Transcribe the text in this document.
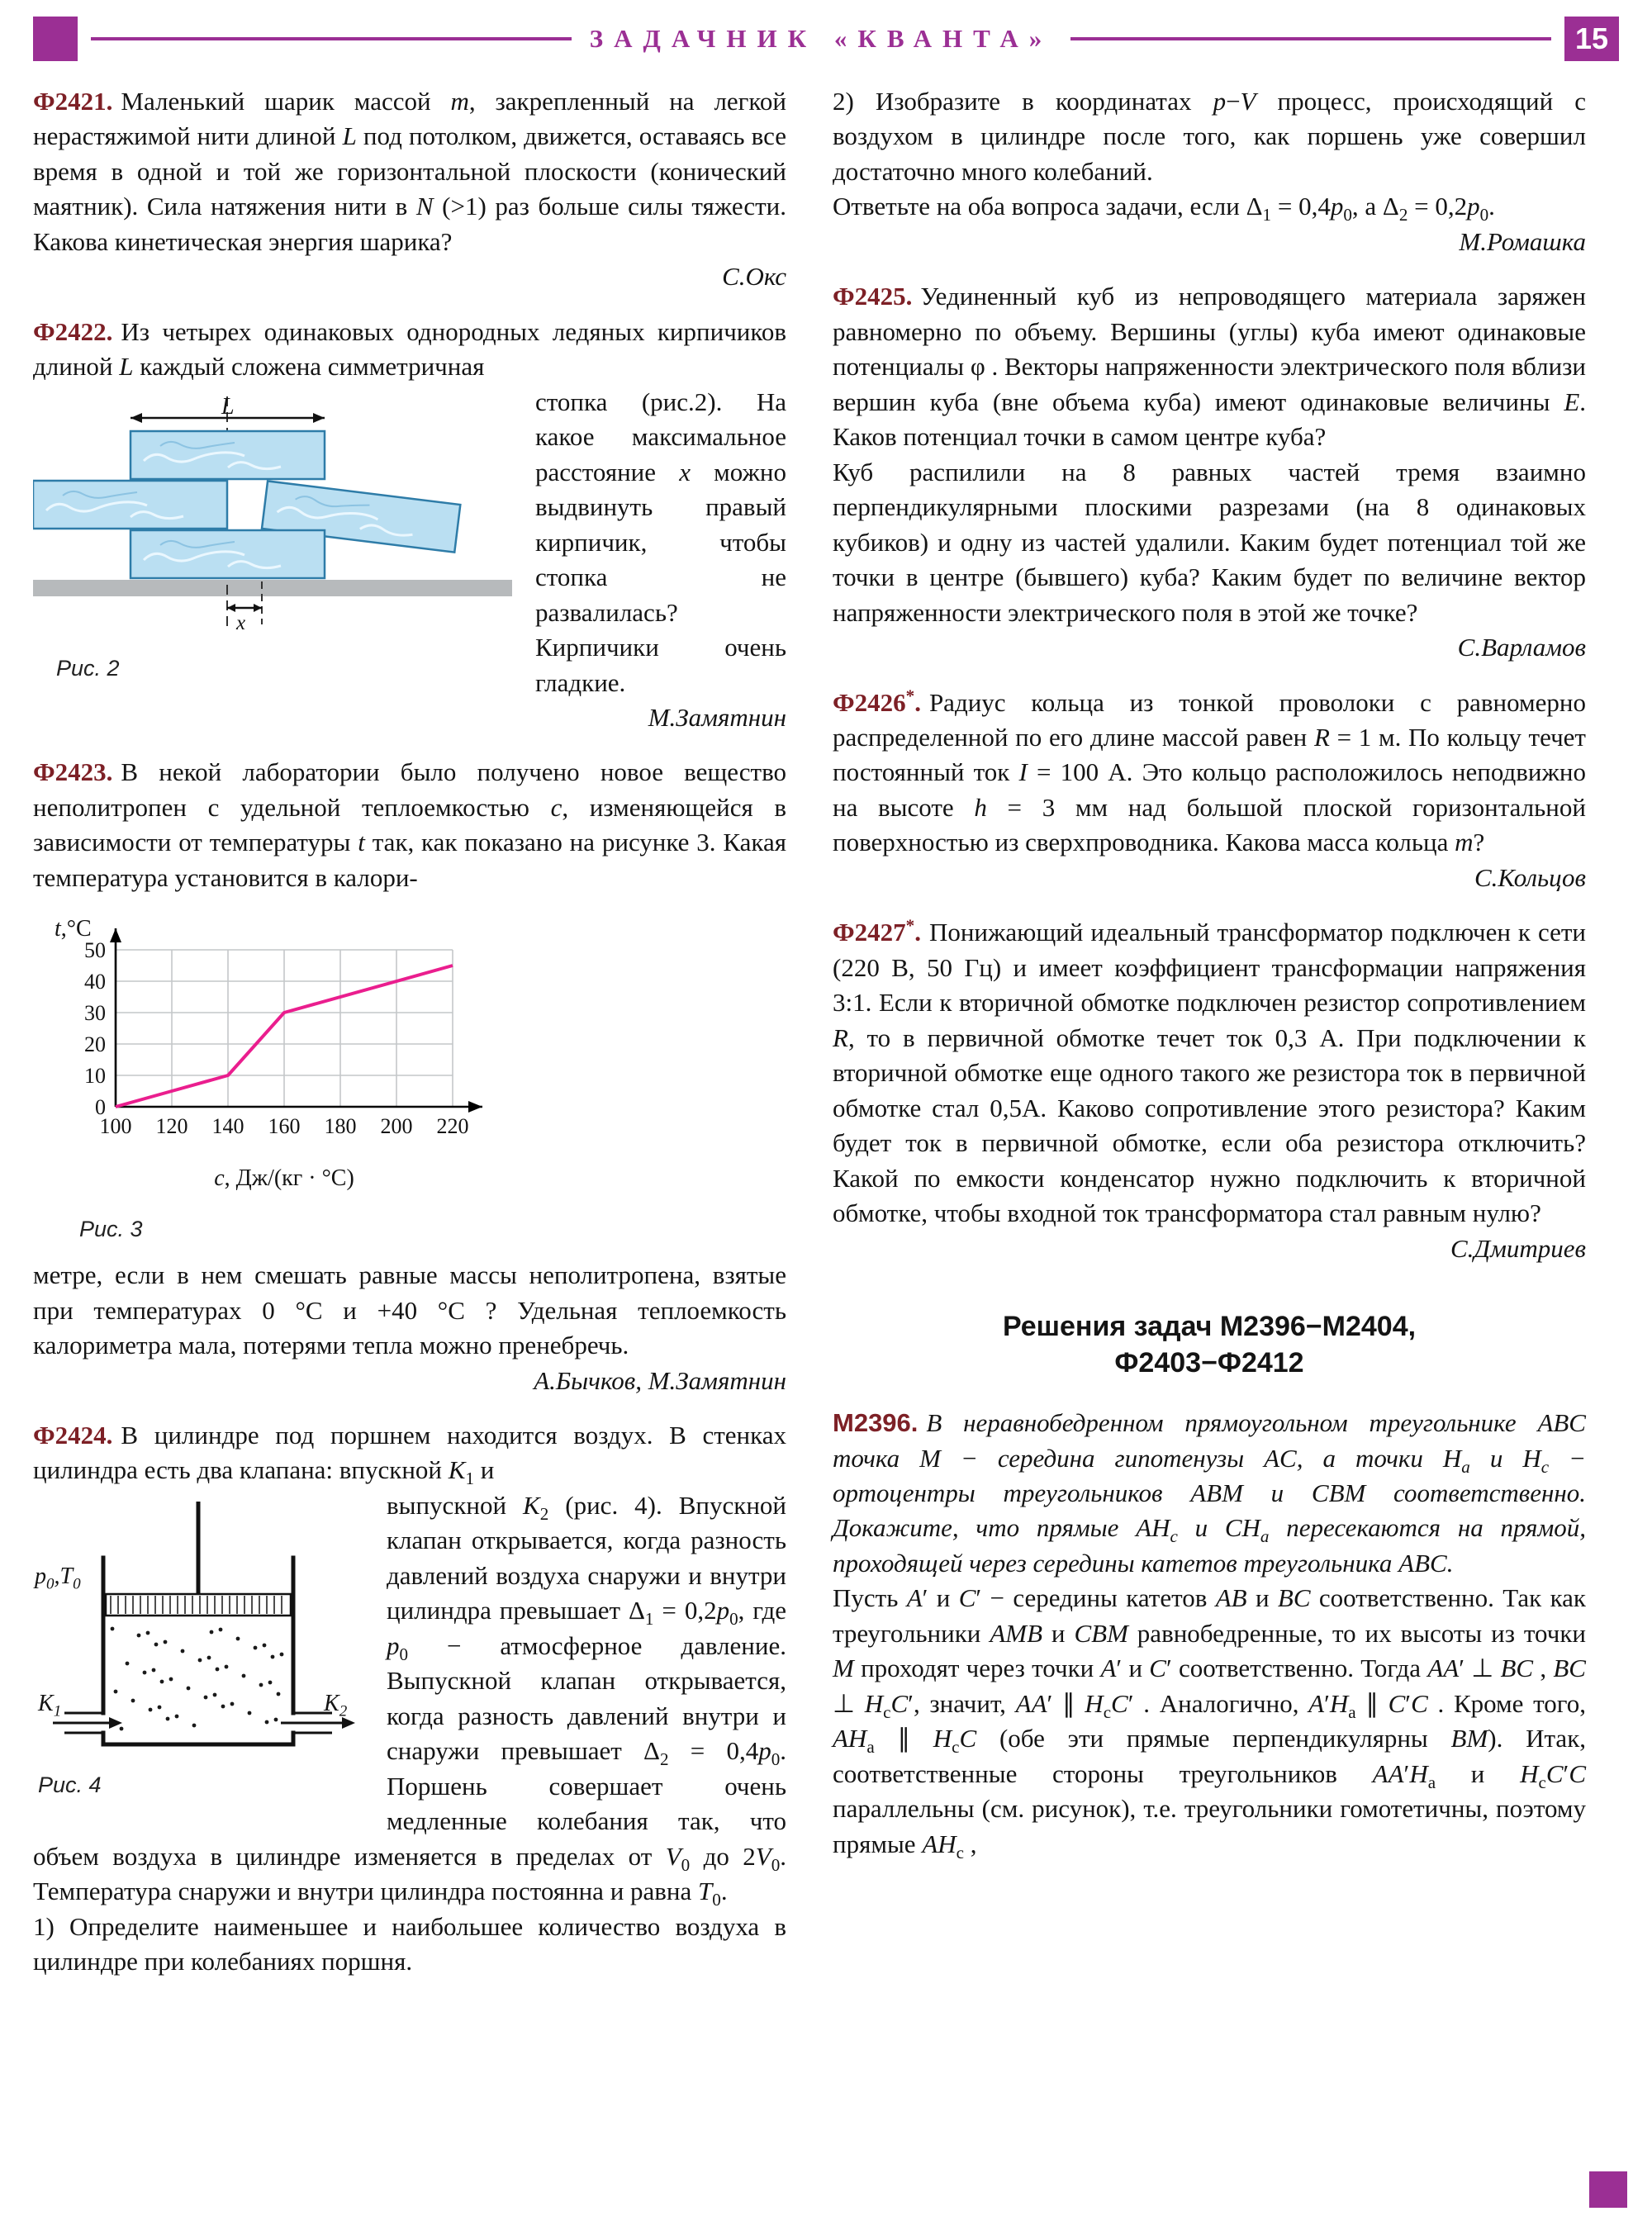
ЗАДАЧНИК «КВАНТА»	15

Ф2421. Маленький шарик массой m, закрепленный на легкой нерастяжимой нити длиной L под потолком, движется, оставаясь все время в одной и той же горизонтальной плоскости (конический маятник). Сила натяжения нити в N (>1) раз больше силы тяжести. Какова кинетическая энергия шарика?

С.Окс

Ф2422. Из четырех одинаковых однородных ледяных кирпичиков длиной L каждый сложена симметричная

L
x
Рис. 2

стопка (рис.2). На какое максимальное расстояние x можно выдвинуть правый кирпичик, чтобы стопка не развалилась? Кирпичики очень гладкие.

М.Замятнин

Ф2423. В некой лаборатории было получено новое вещество неполитропен с удельной теплоемкостью c, изменяющейся в зависимости от температуры t так, как показано на рисунке 3. Какая температура установится в калори-

100 120 140 160 180 200 220
0
10
20
30
40
50
t,°C
c, Дж/(кг · °С)
Рис. 3

метре, если в нем смешать равные массы неполитропена, взятые при температурах 0 °С и +40 °С ? Удельная теплоемкость калориметра мала, потерями тепла можно пренебречь.

А.Бычков, М.Замятнин

Ф2424. В цилиндре под поршнем находится воздух. В стенках цилиндра есть два клапана: впускной $K_1$ и

$p_0,T_0$
$K_1$	$K_2$
Рис. 4

выпускной $K_2$ (рис. 4). Впускной клапан открывается, когда разность давлений воздуха снаружи и внутри цилиндра превышает $\Delta_1 = 0,2p_0$, где $p_0$ − атмосферное давление. Выпускной клапан открывается, когда разность давлений внутри и снаружи превышает $\Delta_2 = 0,4p_0$. Поршень совершает очень медленные колебания так, что объем воздуха в цилиндре изменяется в пределах от $V_0$ до $2V_0$. Температура снаружи и внутри цилиндра постоянна и равна $T_0$.

1) Определите наименьшее и наибольшее количество воздуха в цилиндре при колебаниях поршня.

2) Изобразите в координатах p−V процесс, происходящий с воздухом в цилиндре после того, как поршень уже совершил достаточно много колебаний.

Ответьте на оба вопроса задачи, если $\Delta_1 = 0,4p_0$, а $\Delta_2 = 0,2p_0$.

М.Ромашка

Ф2425. Уединенный куб из непроводящего материала заряжен равномерно по объему. Вершины (углы) куба имеют одинаковые потенциалы φ . Векторы напряженности электрического поля вблизи вершин куба (вне объема куба) имеют одинаковые величины E. Каков потенциал точки в самом центре куба?

Куб распилили на 8 равных частей тремя взаимно перпендикулярными плоскими разрезами (на 8 одинаковых кубиков) и одну из частей удалили. Каким будет потенциал той же точки в центре (бывшего) куба? Каким будет по величине вектор напряженности электрического поля в этой же точке?

С.Варламов

Ф2426*. Радиус кольца из тонкой проволоки с равномерно распределенной по его длине массой равен R = 1 м. По кольцу течет постоянный ток I = 100 А. Это кольцо расположилось неподвижно на высоте h = 3 мм над большой плоской горизонтальной поверхностью из сверхпроводника. Какова масса кольца m?

С.Кольцов

Ф2427*. Понижающий идеальный трансформатор подключен к сети (220 В, 50 Гц) и имеет коэффициент трансформации напряжения 3:1. Если к вторичной обмотке подключен резистор сопротивлением R, то в первичной обмотке течет ток 0,3 А. При подключении к вторичной обмотке еще одного такого же резистора ток в первичной обмотке стал 0,5А. Каково сопротивление этого резистора? Каким будет ток в первичной обмотке, если оба резистора отключить? Какой по емкости конденсатор нужно подключить к вторичной обмотке, чтобы входной ток трансформатора стал равным нулю?

С.Дмитриев

Решения задач М2396−М2404,
Ф2403−Ф2412

М2396. В неравнобедренном прямоугольном треугольнике ABC точка M − середина гипотенузы AC, а точки $H_a$ и $H_c$ − ортоцентры треугольников ABM и CBM соответственно. Докажите, что прямые $AH_c$ и $CH_a$ пересекаются на прямой, проходящей через середины катетов треугольника ABC.

Пусть A′ и C′ − середины катетов AB и BC соответственно. Так как треугольники AMB и CBM равнобедренные, то их высоты из точки M проходят через точки A′ и C′ соответственно. Тогда AA′ ⊥ BC , BC ⊥ $H_cC'$, значит, AA′ ∥ $H_cC'$ . Аналогично, $A'H_a$ ∥ C′C . Кроме того, $AH_a$ ∥ $H_cC$ (обе эти прямые перпендикулярны BM). Итак, соответственные стороны треугольников $AA'H_a$ и $H_cC'C$ параллельны (см. рисунок), т.е. треугольники гомотетичны, поэтому прямые $AH_c$ ,
